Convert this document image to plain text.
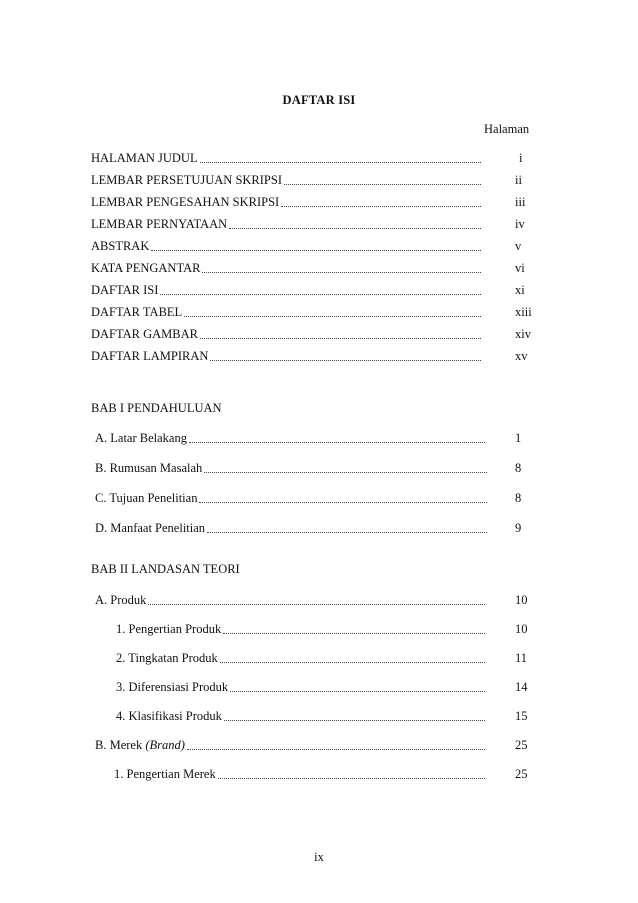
DAFTAR ISI
Halaman
HALAMAN JUDUL	i
LEMBAR PERSETUJUAN SKRIPSI	ii
LEMBAR PENGESAHAN SKRIPSI	iii
LEMBAR PERNYATAAN	iv
ABSTRAK	v
KATA PENGANTAR	vi
DAFTAR ISI	xi
DAFTAR TABEL	xiii
DAFTAR GAMBAR	xiv
DAFTAR LAMPIRAN	xv
BAB I PENDAHULUAN
A. Latar Belakang	1
B. Rumusan Masalah	8
C. Tujuan Penelitian	8
D. Manfaat Penelitian	9
BAB II LANDASAN TEORI
A. Produk	10
1. Pengertian Produk	10
2. Tingkatan Produk	11
3. Diferensiasi Produk	14
4. Klasifikasi Produk	15
B. Merek (Brand)	25
1. Pengertian Merek	25
ix
